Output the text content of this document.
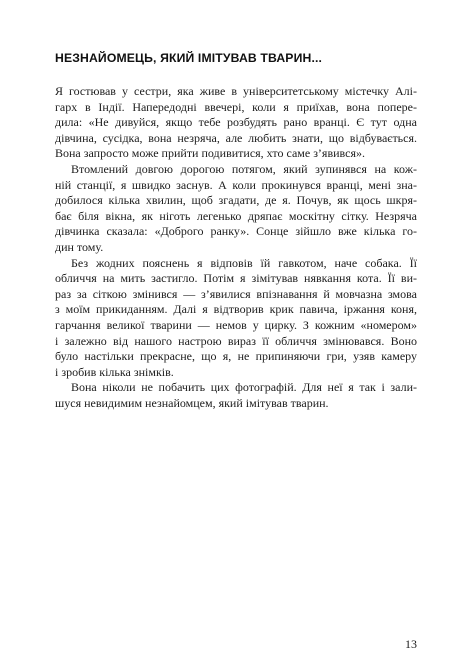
НЕЗНАЙОМЕЦЬ, ЯКИЙ ІМІТУВАВ ТВАРИН...
Я гостював у сестри, яка живе в університетському містечку Алі-
гарх в Індії. Напередодні ввечері, коли я приїхав, вона попере-
дила: «Не дивуйся, якщо тебе розбудять рано вранці. Є тут одна
дівчина, сусідка, вона незряча, але любить знати, що відбувається.
Вона запросто може прийти подивитися, хто саме з’явився».
Втомлений довгою дорогою потягом, який зупинявся на кож-
ній станції, я швидко заснув. А коли прокинувся вранці, мені зна-
добилося кілька хвилин, щоб згадати, де я. Почув, як щось шкря-
бає біля вікна, як ніготь легенько дряпає москітну сітку. Незряча
дівчинка сказала: «Доброго ранку». Сонце зійшло вже кілька го-
дин тому.
Без жодних пояснень я відповів їй гавкотом, наче собака. Її
обличчя на мить застигло. Потім я зімітував нявкання кота. Її ви-
раз за сіткою змінився — з’явилися впізнавання й мовчазна змова
з моїм прикиданням. Далі я відтворив крик павича, іржання коня,
гарчання великої тварини — немов у цирку. З кожним «номером»
і залежно від нашого настрою вираз її обличчя змінювався. Воно
було настільки прекрасне, що я, не припиняючи гри, узяв камеру
і зробив кілька знімків.
Вона ніколи не побачить цих фотографій. Для неї я так і зали-
шуся невидимим незнайомцем, який імітував тварин.
13
